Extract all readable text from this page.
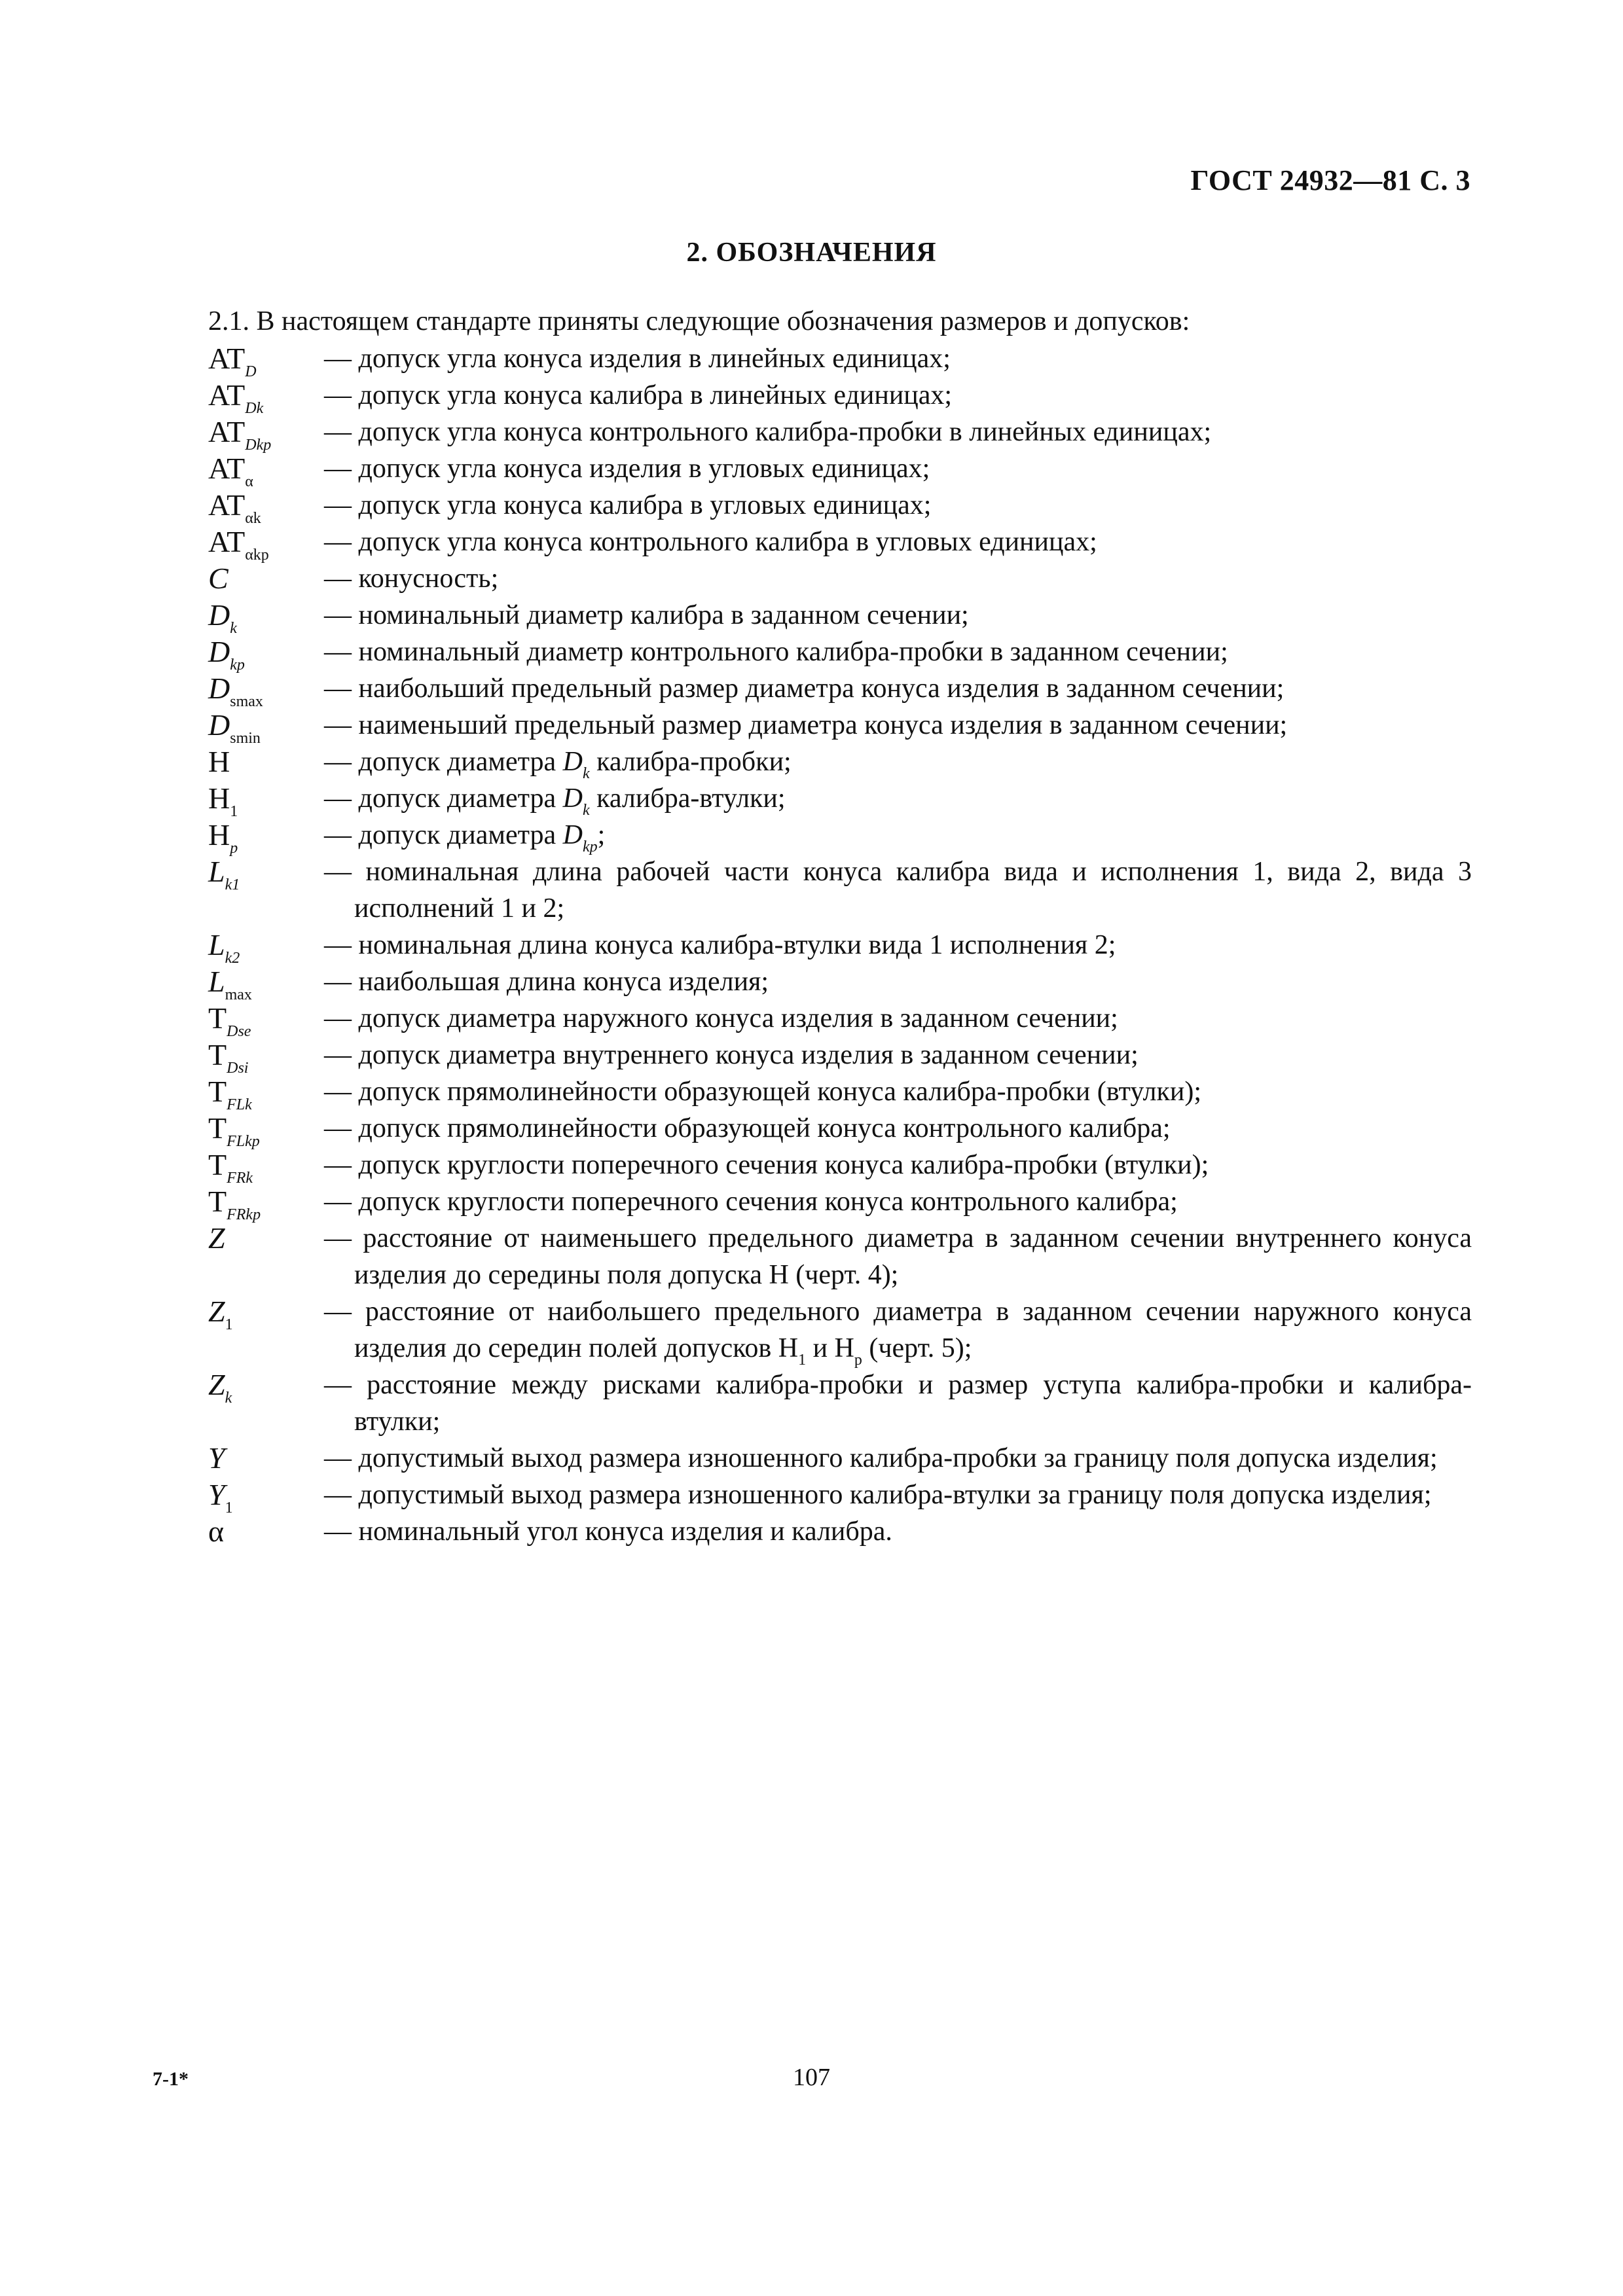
ГОСТ 24932—81 С. 3
2. ОБОЗНАЧЕНИЯ
2.1. В настоящем стандарте приняты следующие обозначения размеров и допусков:
$AT_D$	— допуск угла конуса изделия в линейных единицах;
$AT_{Dk}$	— допуск угла конуса калибра в линейных единицах;
$AT_{Dkp}$	— допуск угла конуса контрольного калибра-пробки в линейных единицах;
$AT_\alpha$	— допуск угла конуса изделия в угловых единицах;
$AT_{\alpha k}$	— допуск угла конуса калибра в угловых единицах;
$AT_{\alpha kp}$	— допуск угла конуса контрольного калибра в угловых единицах;
C	— конусность;
$D_k$	— номинальный диаметр калибра в заданном сечении;
$D_{kp}$	— номинальный диаметр контрольного калибра-пробки в заданном сечении;
$D_{smax}$	— наибольший предельный размер диаметра конуса изделия в заданном сечении;
$D_{smin}$	— наименьший предельный размер диаметра конуса изделия в заданном сечении;
H	— допуск диаметра $D_k$ калибра-пробки;
$H_1$	— допуск диаметра $D_k$ калибра-втулки;
$H_p$	— допуск диаметра $D_{kp}$;
$L_{k1}$	— номинальная длина рабочей части конуса калибра вида и исполнения 1, вида 2, вида 3 исполнений 1 и 2;
$L_{k2}$	— номинальная длина конуса калибра-втулки вида 1 исполнения 2;
$L_{max}$	— наибольшая длина конуса изделия;
$T_{Dse}$	— допуск диаметра наружного конуса изделия в заданном сечении;
$T_{Dsi}$	— допуск диаметра внутреннего конуса изделия в заданном сечении;
$T_{FLk}$	— допуск прямолинейности образующей конуса калибра-пробки (втулки);
$T_{FLkp}$	— допуск прямолинейности образующей конуса контрольного калибра;
$T_{FRk}$	— допуск круглости поперечного сечения конуса калибра-пробки (втулки);
$T_{FRkp}$	— допуск круглости поперечного сечения конуса контрольного калибра;
Z	— расстояние от наименьшего предельного диаметра в заданном сечении внутреннего конуса изделия до середины поля допуска H (черт. 4);
$Z_1$	— расстояние от наибольшего предельного диаметра в заданном сечении наружного конуса изделия до середин полей допусков $H_1$ и $H_p$ (черт. 5);
$Z_k$	— расстояние между рисками калибра-пробки и размер уступа калибра-пробки и калибра-втулки;
Y	— допустимый выход размера изношенного калибра-пробки за границу поля допуска изделия;
$Y_1$	— допустимый выход размера изношенного калибра-втулки за границу поля допуска изделия;
α	— номинальный угол конуса изделия и калибра.
7-1*	107
